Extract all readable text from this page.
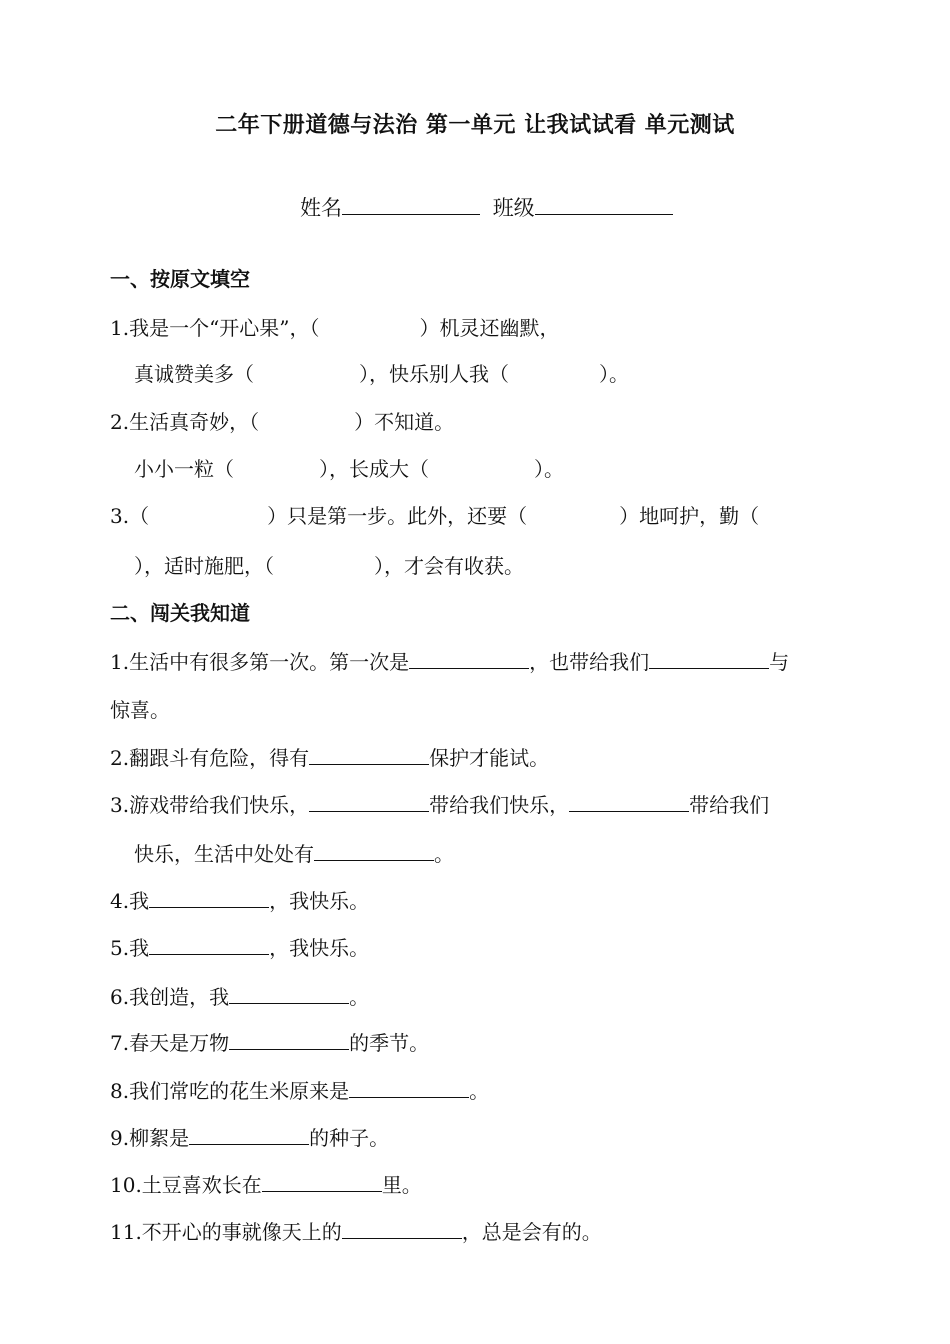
二年下册道德与法治 第一单元 让我试试看 单元测试
姓名	班级
一、按原文填空
1.我是一个“开心果”，（	）机灵还幽默，
真诚赞美多（	），快乐别人我（	）。
2.生活真奇妙，（	）不知道。
小小一粒（	），长成大（	）。
3.（	）只是第一步。此外，还要（	）地呵护，勤（
），适时施肥，（	），才会有收获。
二、闯关我知道
1.生活中有很多第一次。第一次是	，也带给我们	与
惊喜。
2.翻跟斗有危险，得有	保护才能试。
3.游戏带给我们快乐，	带给我们快乐，	带给我们
快乐，生活中处处有	。
4.我	，我快乐。
5.我	，我快乐。
6.我创造，我	。
7.春天是万物	的季节。
8.我们常吃的花生米原来是	。
9.柳絮是	的种子。
10.土豆喜欢长在	里。
11.不开心的事就像天上的	，总是会有的。
